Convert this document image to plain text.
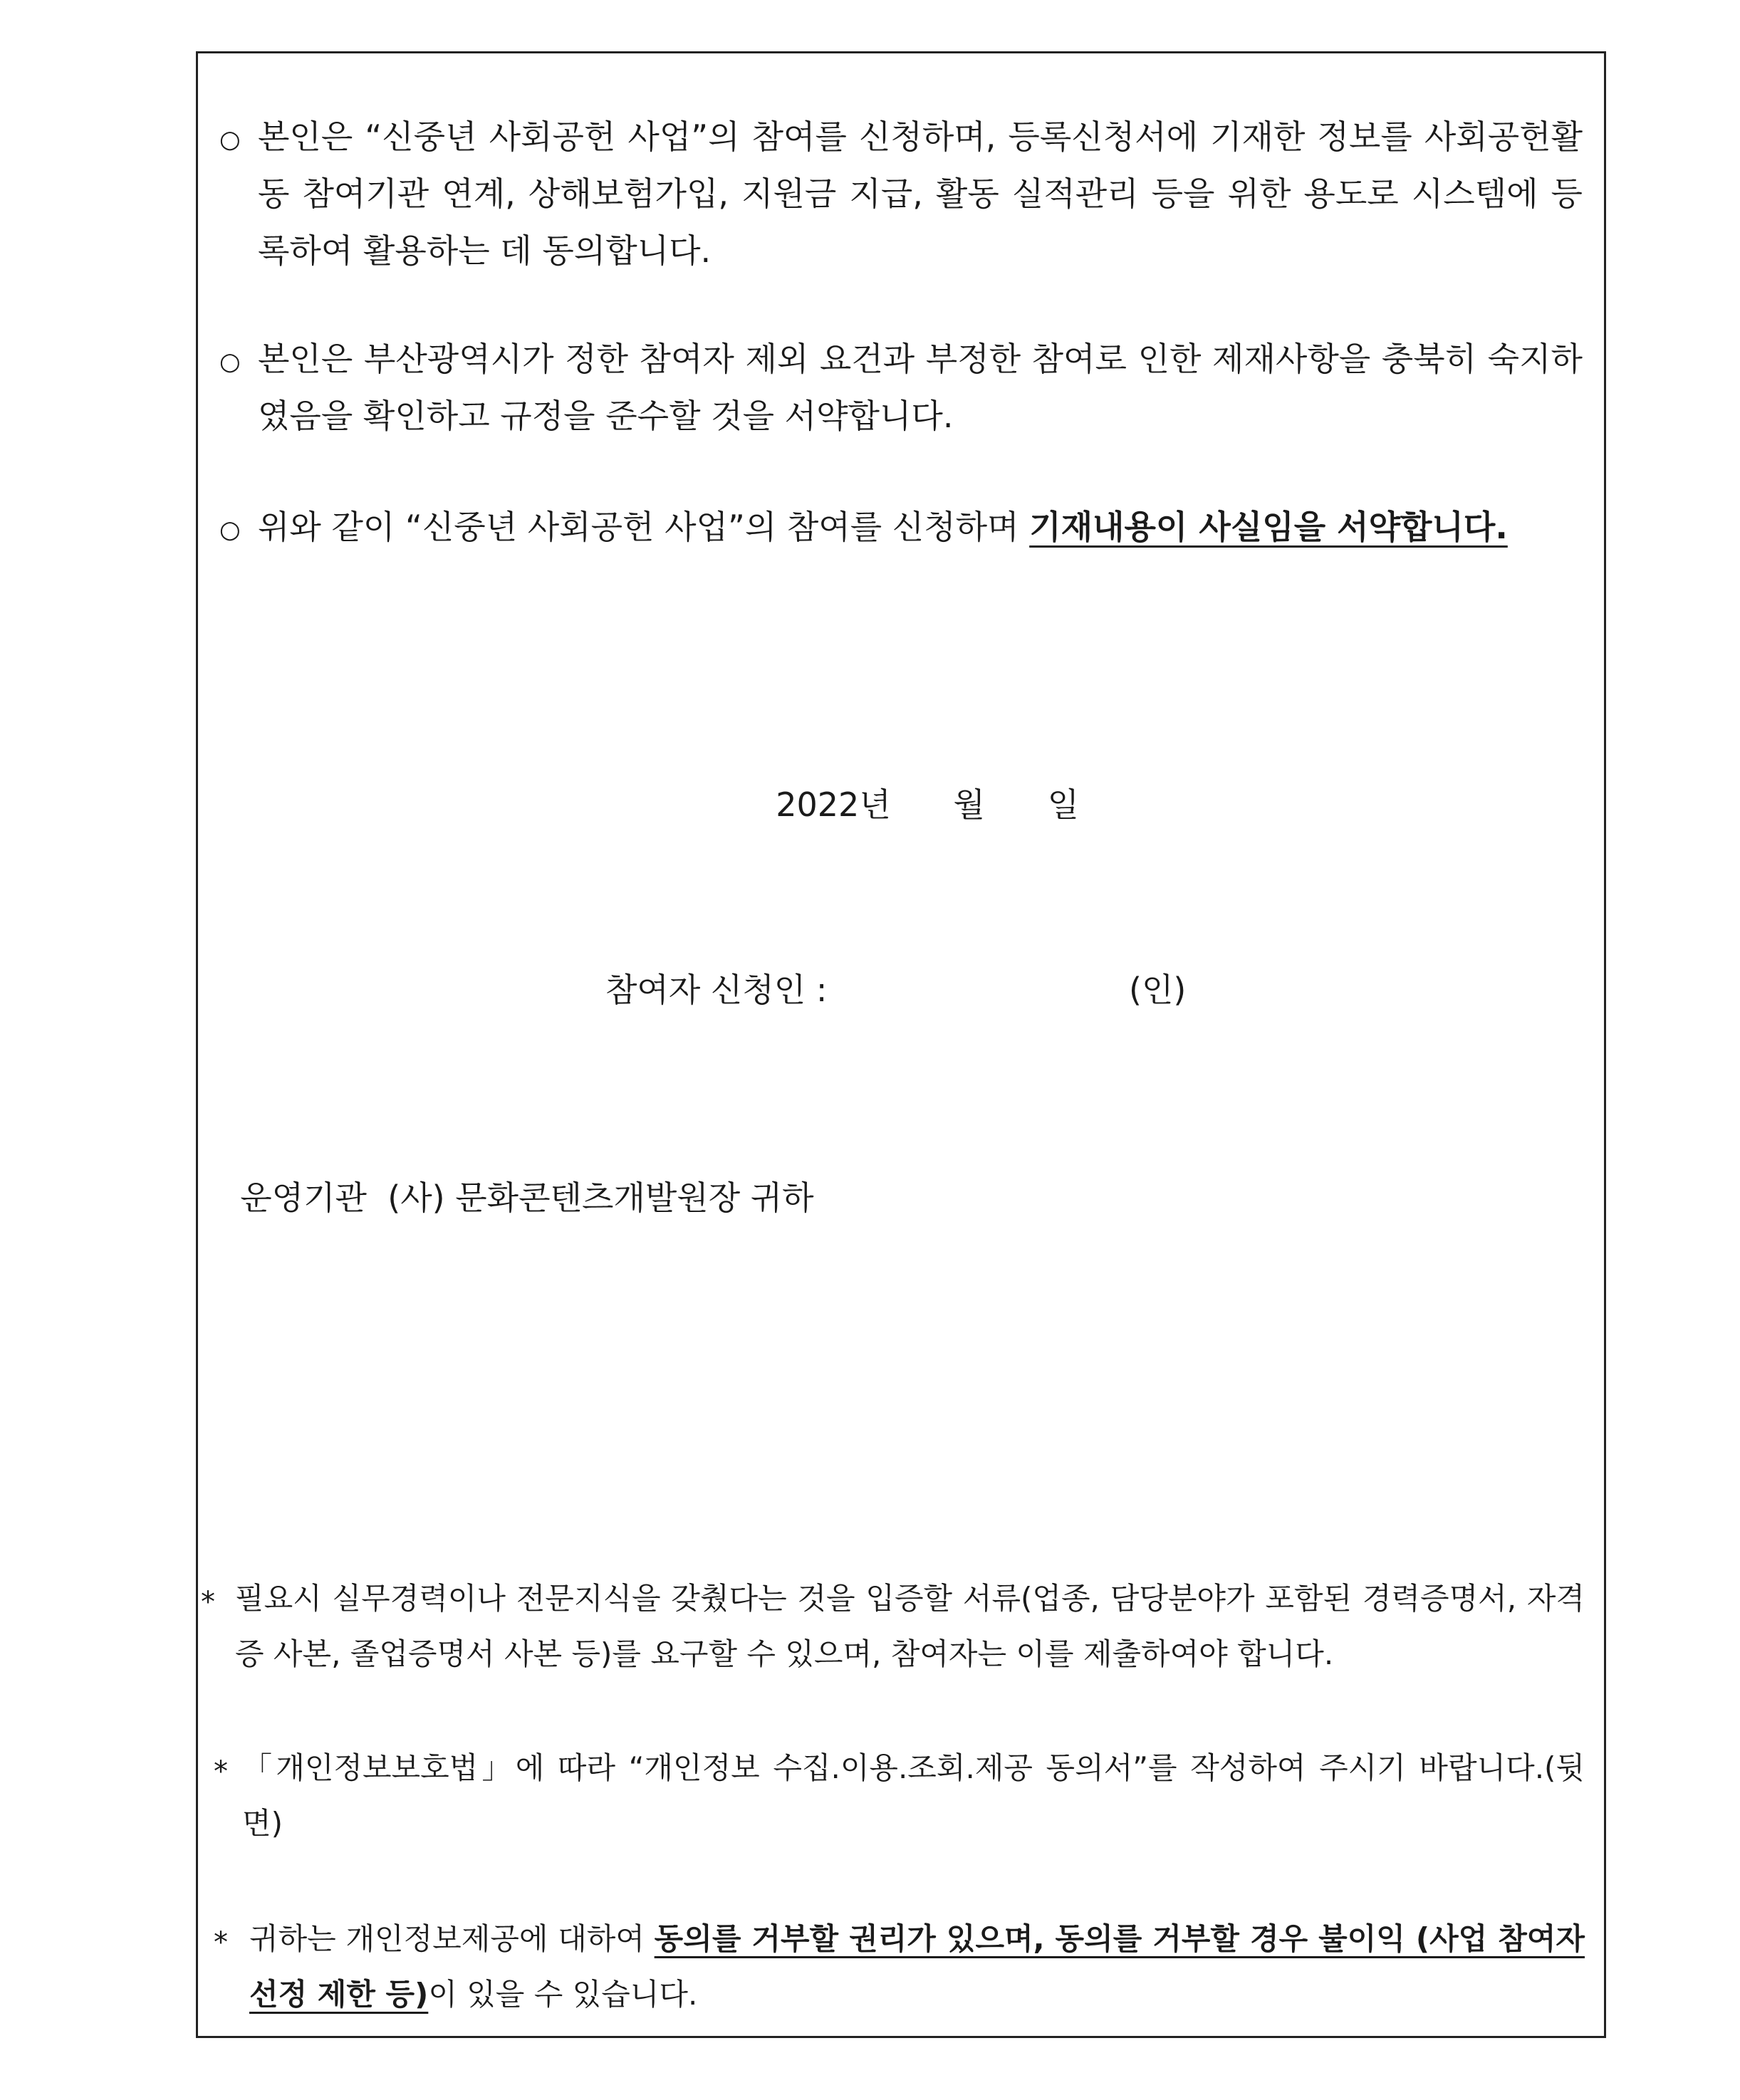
○ 본인은 “신중년 사회공헌 사업”의 참여를 신청하며, 등록신청서에 기재한 정보를 사회공헌활동 참여기관 연계, 상해보험가입, 지원금 지급, 활동 실적관리 등을 위한 용도로 시스템에 등록하여 활용하는 데 동의합니다.
○ 본인은 부산광역시가 정한 참여자 제외 요건과 부정한 참여로 인한 제재사항을 충북히 숙지하였음을 확인하고 규정을 준수할 것을 서약합니다.
○ 위와 같이 “신중년 사회공헌 사업”의 참여를 신청하며 기재내용이 사실임을 서약합니다.

2022년 월 일

참여자 신청인 :	(인)

운영기관 (사) 문화콘텐츠개발원장 귀하

* 필요시 실무경력이나 전문지식을 갖췄다는 것을 입증할 서류(업종, 담당분야가 포함된 경력증명서, 자격증 사본, 졸업증명서 사본 등)를 요구할 수 있으며, 참여자는 이를 제출하여야 합니다.
* 「개인정보보호법」에 따라 “개인정보 수집.이용.조회.제공 동의서”를 작성하여 주시기 바랍니다.(뒷면)
* 귀하는 개인정보제공에 대하여 동의를 거부할 권리가 있으며, 동의를 거부할 경우 불이익 (사업 참여자 선정 제한 등)이 있을 수 있습니다.
